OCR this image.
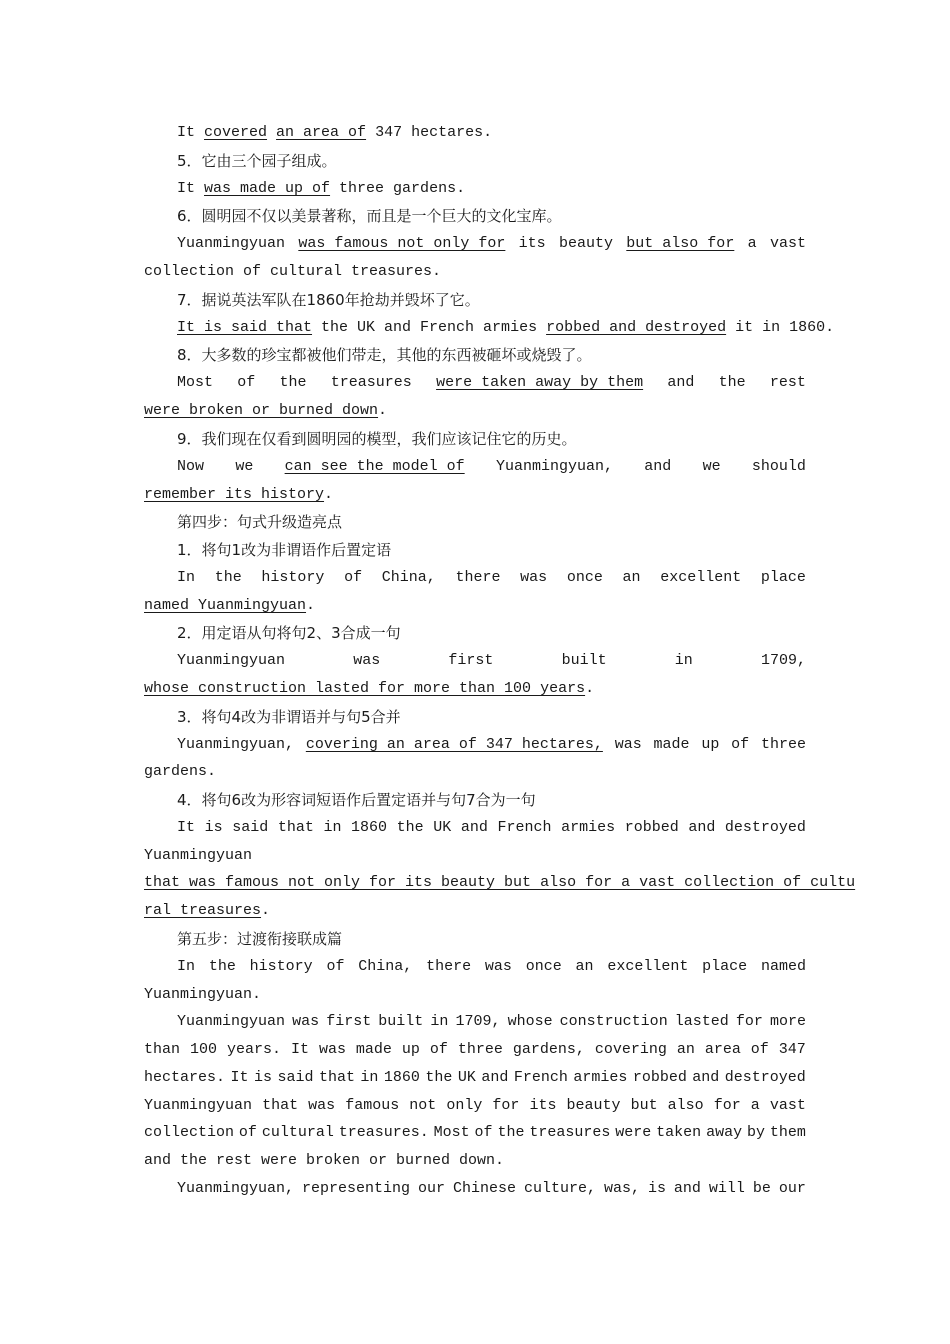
It covered an area of 347 hectares.
5．它由三个园子组成。
It was made up of three gardens.
6．圆明园不仅以美景著称，而且是一个巨大的文化宝库。
Yuanmingyuan was famous not only for its beauty but also for a vast
collection of cultural treasures.
7．据说英法军队在1860年抢劫并毁坏了它。
It is said that the UK and French armies robbed and destroyed it in 1860.
8．大多数的珍宝都被他们带走，其他的东西被砸坏或烧毁了。
Most of the treasures were taken away by them and the rest
were broken or burned down.
9．我们现在仅看到圆明园的模型，我们应该记住它的历史。
Now we can see the model of Yuanmingyuan, and we should
remember its history.
第四步：句式升级造亮点
1．将句1改为非谓语作后置定语
In the history of China, there was once an excellent place
named Yuanmingyuan.
2．用定语从句将句2、3合成一句
Yuanmingyuan	was	first	built	in	1709,
whose construction lasted for more than 100 years.
3．将句4改为非谓语并与句5合并
Yuanmingyuan, covering an area of 347 hectares, was made up of three
gardens.
4．将句6改为形容词短语作后置定语并与句7合为一句
It is said that in 1860 the UK and French armies robbed and destroyed
Yuanmingyuan
that was famous not only for its beauty but also for a vast collection of cultu
ral treasures.
第五步：过渡衔接联成篇
In the history of China, there was once an excellent place named
Yuanmingyuan.
Yuanmingyuan was first built in 1709, whose construction lasted for more
than 100 years. It was made up of three gardens, covering an area of 347
hectares. It is said that in 1860 the UK and French armies robbed and destroyed
Yuanmingyuan that was famous not only for its beauty but also for a vast
collection of cultural treasures. Most of the treasures were taken away by them
and the rest were broken or burned down.
Yuanmingyuan, representing our Chinese culture, was, is and will be our
